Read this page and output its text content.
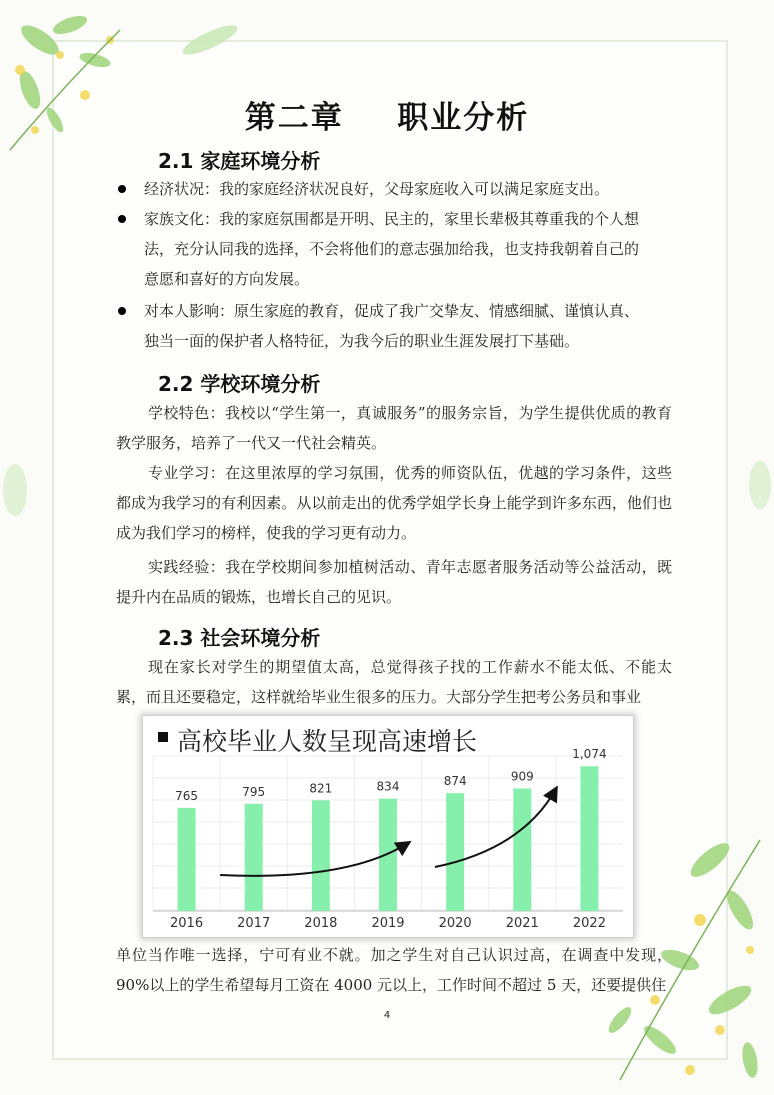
第二章 职业分析
2.1 家庭环境分析
经济状况：我的家庭经济状况良好，父母家庭收入可以满足家庭支出。
家族文化：我的家庭氛围都是开明、民主的，家里长辈极其尊重我的个人想
法，充分认同我的选择，不会将他们的意志强加给我，也支持我朝着自己的
意愿和喜好的方向发展。
对本人影响：原生家庭的教育，促成了我广交挚友、情感细腻、谨慎认真、
独当一面的保护者人格特征，为我今后的职业生涯发展打下基础。
2.2 学校环境分析
学校特色：我校以“学生第一，真诚服务”的服务宗旨，为学生提供优质的教育教学服务，培养了一代又一代社会精英。
专业学习：在这里浓厚的学习氛围，优秀的师资队伍，优越的学习条件，这些都成为我学习的有利因素。从以前走出的优秀学姐学长身上能学到许多东西，他们也成为我们学习的榜样，使我的学习更有动力。
实践经验：我在学校期间参加植树活动、青年志愿者服务活动等公益活动，既提升内在品质的锻炼，也增长自己的见识。
2.3 社会环境分析
现在家长对学生的期望值太高，总觉得孩子找的工作薪水不能太低、不能太累，而且还要稳定，这样就给毕业生很多的压力。大部分学生把考公务员和事业
高校毕业人数呈现高速增长
765
2016
795
2017
821
2018
834
2019
874
2020
909
2021
1,074
2022
单位当作唯一选择，宁可有业不就。加之学生对自己认识过高，在调查中发现，90%以上的学生希望每月工资在 4000 元以上，工作时间不超过 5 天，还要提供住
4
